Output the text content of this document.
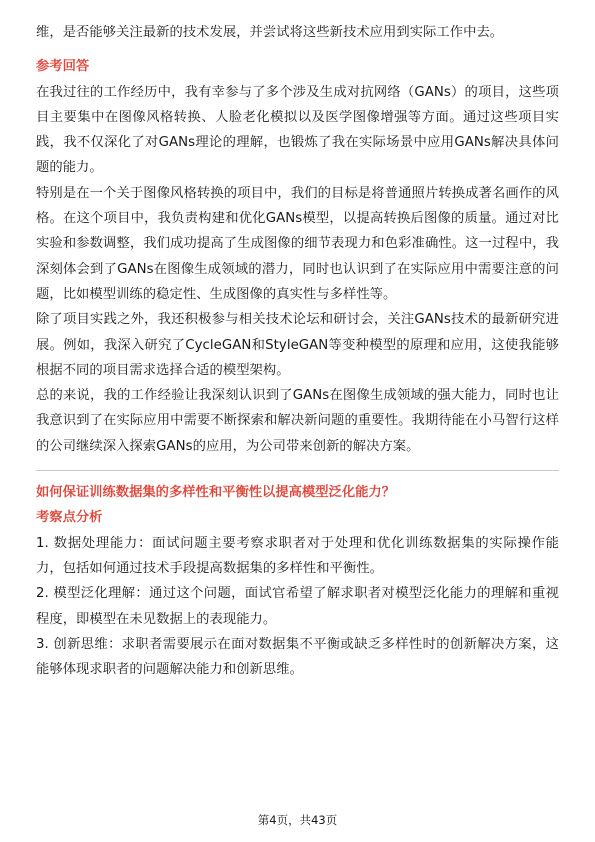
维，是否能够关注最新的技术发展，并尝试将这些新技术应用到实际工作中去。

参考回答

在我过往的工作经历中，我有幸参与了多个涉及生成对抗网络（GANs）的项目，这些项目主要集中在图像风格转换、人脸老化模拟以及医学图像增强等方面。通过这些项目实践，我不仅深化了对GANs理论的理解，也锻炼了我在实际场景中应用GANs解决具体问题的能力。

特别是在一个关于图像风格转换的项目中，我们的目标是将普通照片转换成著名画作的风格。在这个项目中，我负责构建和优化GANs模型，以提高转换后图像的质量。通过对比实验和参数调整，我们成功提高了生成图像的细节表现力和色彩准确性。这一过程中，我深刻体会到了GANs在图像生成领域的潜力，同时也认识到了在实际应用中需要注意的问题，比如模型训练的稳定性、生成图像的真实性与多样性等。

除了项目实践之外，我还积极参与相关技术论坛和研讨会，关注GANs技术的最新研究进展。例如，我深入研究了CycleGAN和StyleGAN等变种模型的原理和应用，这使我能够根据不同的项目需求选择合适的模型架构。

总的来说，我的工作经验让我深刻认识到了GANs在图像生成领域的强大能力，同时也让我意识到了在实际应用中需要不断探索和解决新问题的重要性。我期待能在小马智行这样的公司继续深入探索GANs的应用，为公司带来创新的解决方案。

如何保证训练数据集的多样性和平衡性以提高模型泛化能力？

考察点分析

1. 数据处理能力：面试问题主要考察求职者对于处理和优化训练数据集的实际操作能力，包括如何通过技术手段提高数据集的多样性和平衡性。

2. 模型泛化理解：通过这个问题，面试官希望了解求职者对模型泛化能力的理解和重视程度，即模型在未见数据上的表现能力。

3. 创新思维：求职者需要展示在面对数据集不平衡或缺乏多样性时的创新解决方案，这能够体现求职者的问题解决能力和创新思维。

第4页，共43页
